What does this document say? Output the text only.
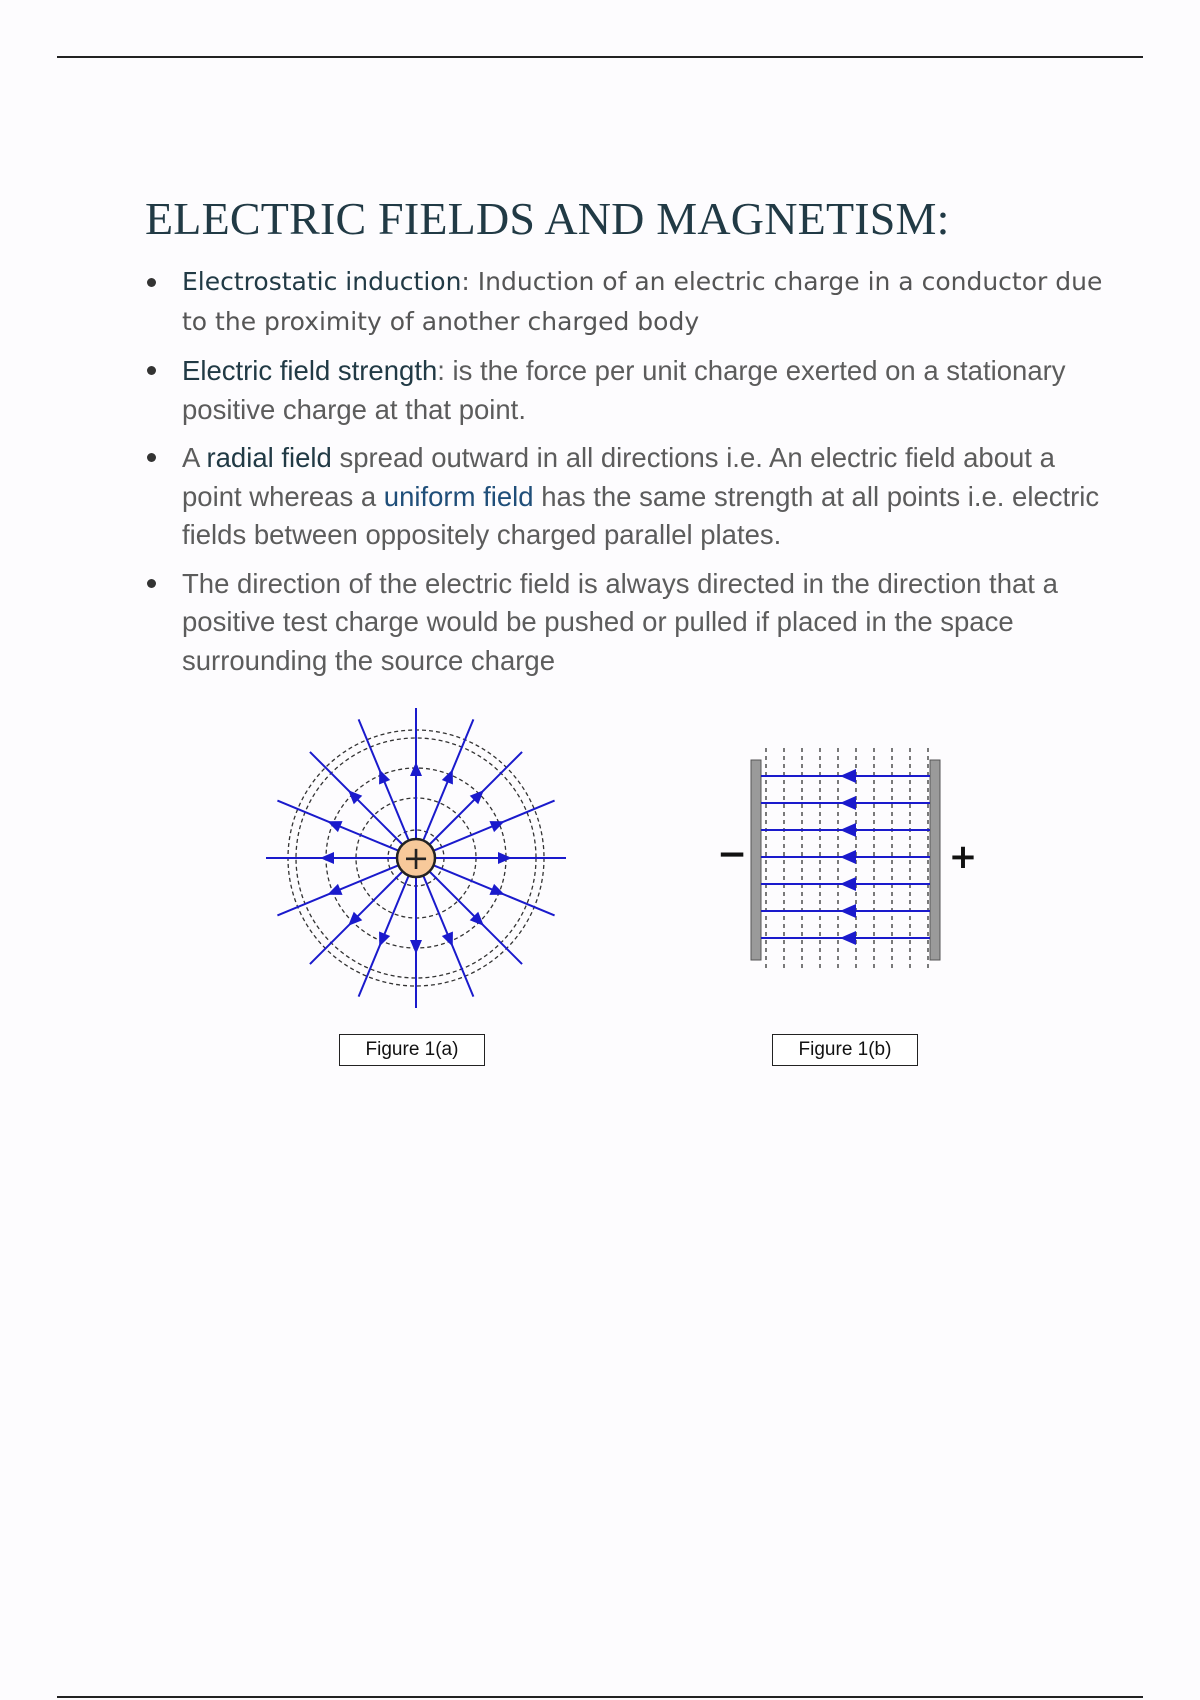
ELECTRIC FIELDS AND MAGNETISM:
Electrostatic induction: Induction of an electric charge in a conductor due to the proximity of another charged body
Electric field strength: is the force per unit charge exerted on a stationary positive charge at that point.
A radial field spread outward in all directions i.e. An electric field about a point whereas a uniform field has the same strength at all points i.e. electric fields between oppositely charged parallel plates.
The direction of the electric field is always directed in the direction that a positive test charge would be pushed or pulled if placed in the space surrounding the source charge
+	−	+
Figure 1(a)	Figure 1(b)
